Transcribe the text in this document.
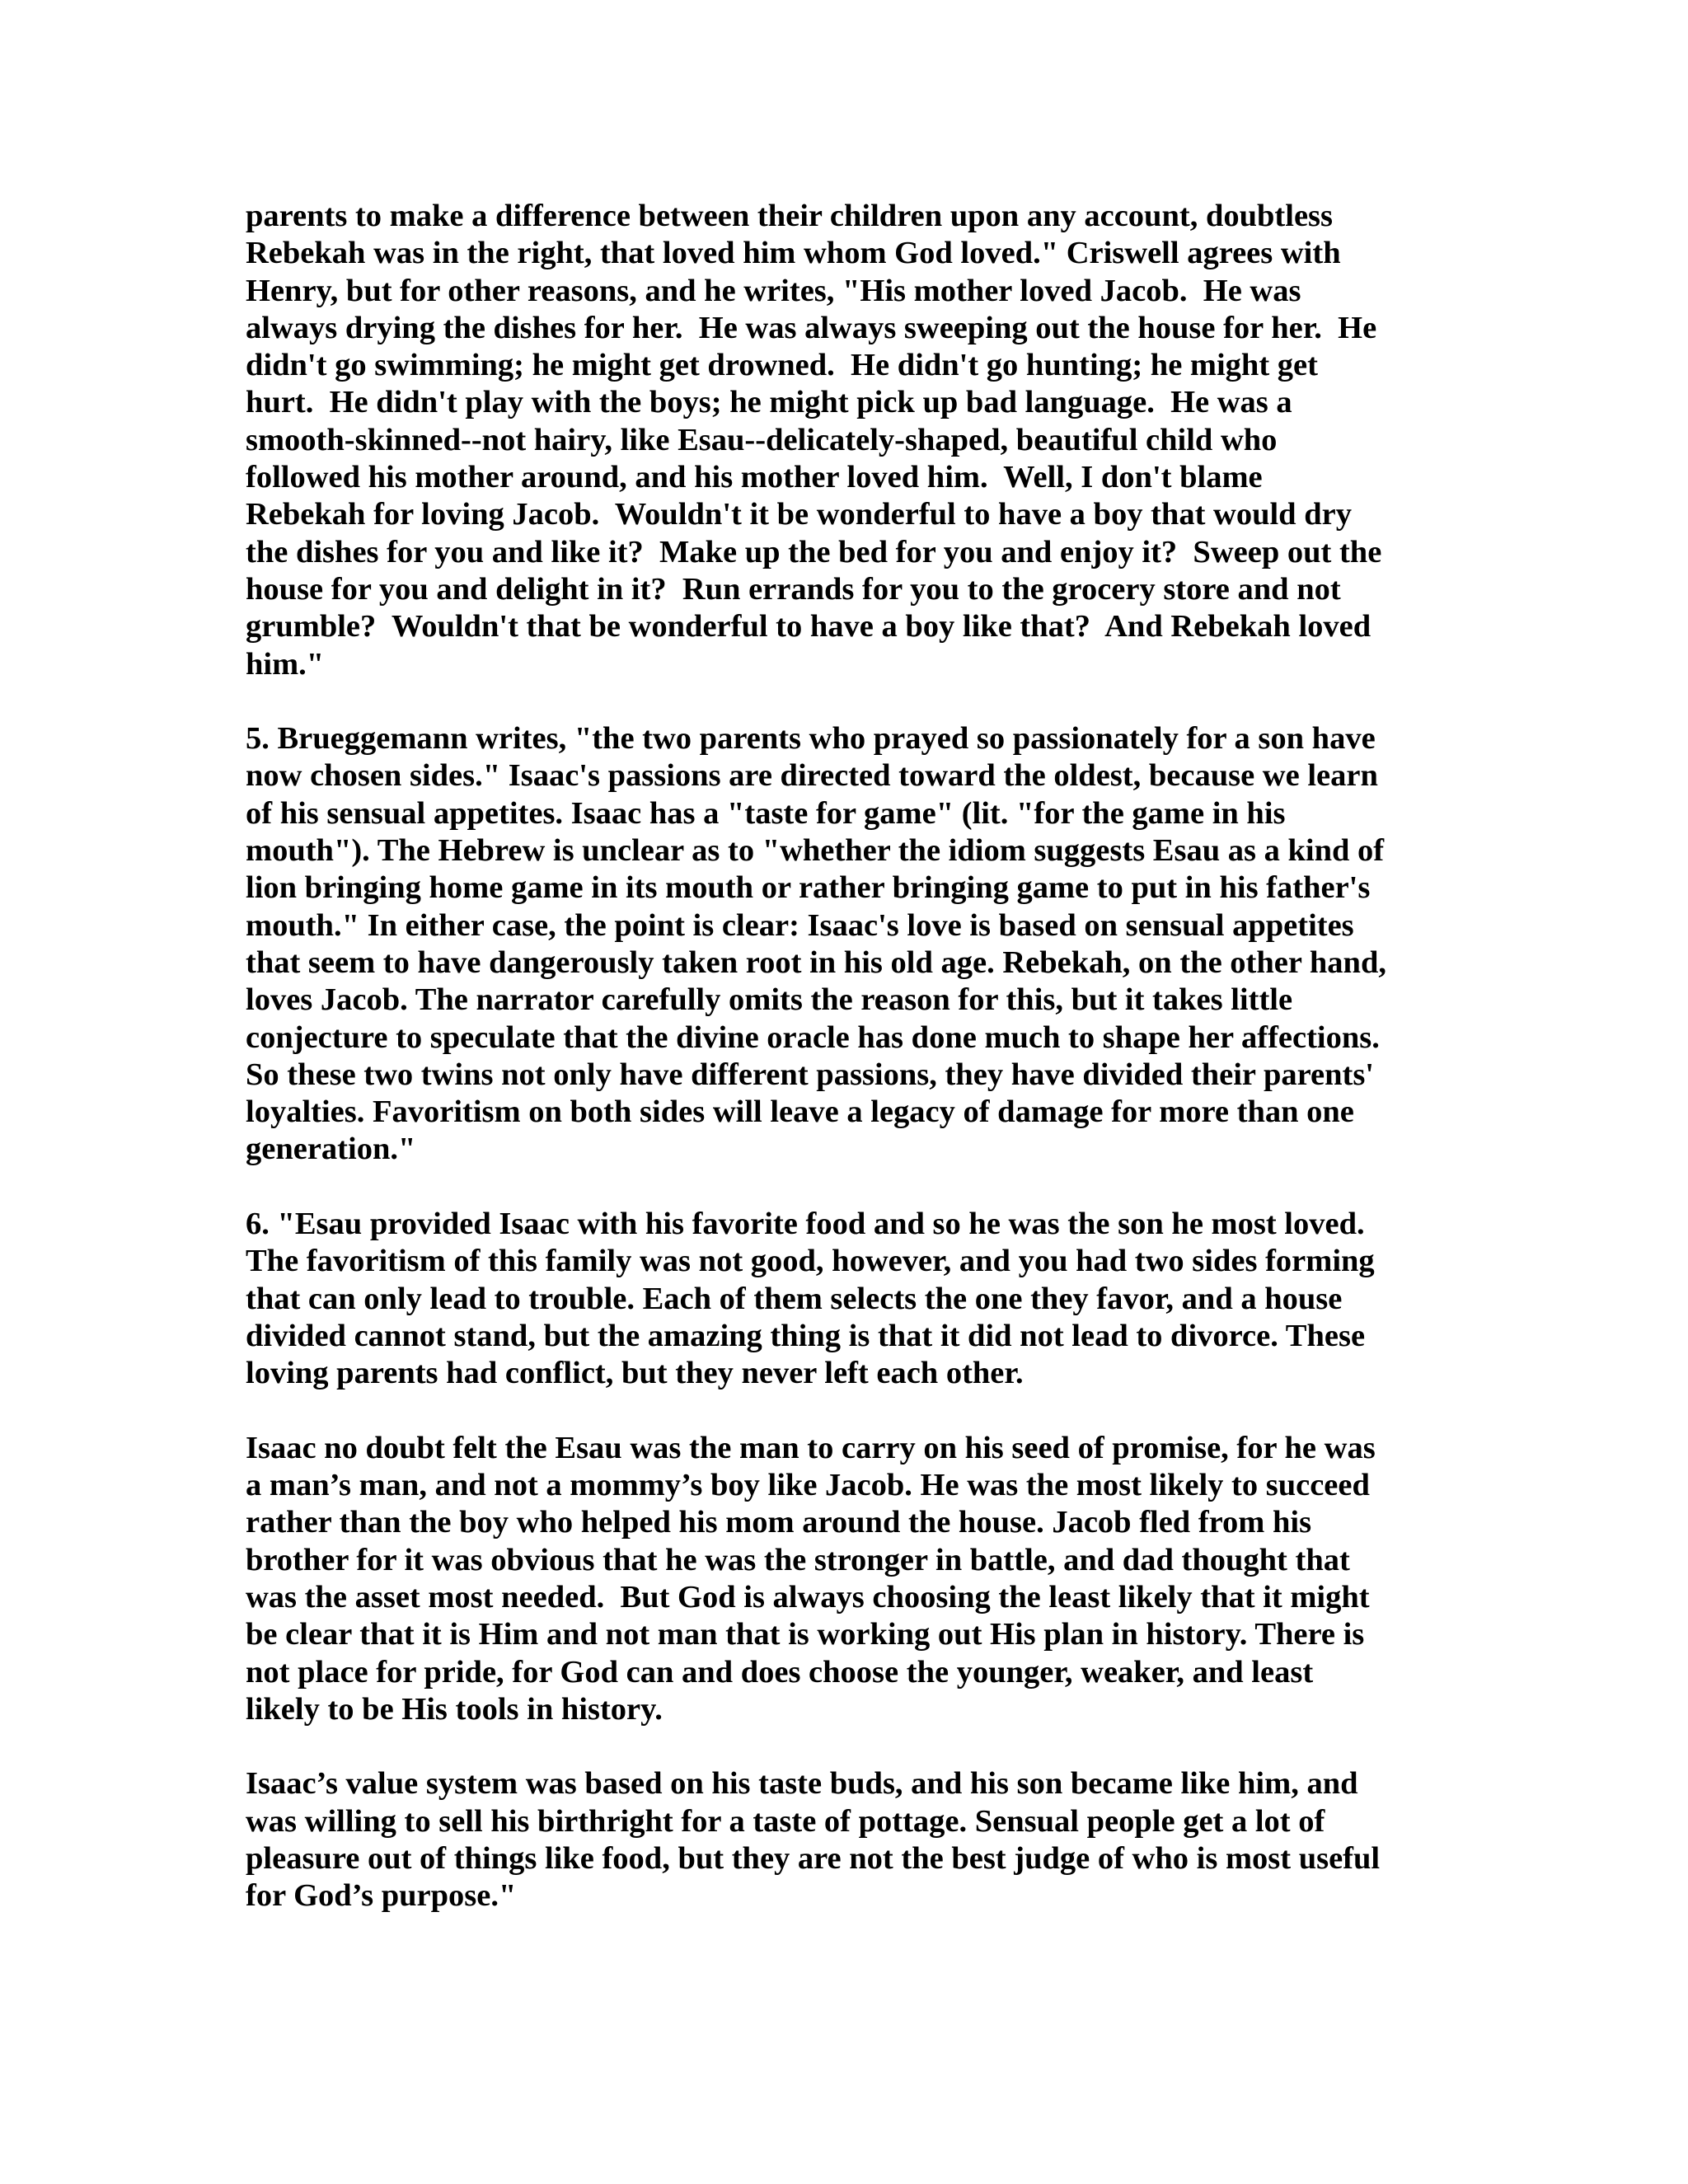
parents to make a difference between their children upon any account, doubtless
Rebekah was in the right, that loved him whom God loved." Criswell agrees with
Henry, but for other reasons, and he writes, "His mother loved Jacob.  He was
always drying the dishes for her.  He was always sweeping out the house for her.  He
didn't go swimming; he might get drowned.  He didn't go hunting; he might get
hurt.  He didn't play with the boys; he might pick up bad language.  He was a
smooth-skinned--not hairy, like Esau--delicately-shaped, beautiful child who
followed his mother around, and his mother loved him.  Well, I don't blame
Rebekah for loving Jacob.  Wouldn't it be wonderful to have a boy that would dry
the dishes for you and like it?  Make up the bed for you and enjoy it?  Sweep out the
house for you and delight in it?  Run errands for you to the grocery store and not
grumble?  Wouldn't that be wonderful to have a boy like that?  And Rebekah loved
him."

5. Brueggemann writes, "the two parents who prayed so passionately for a son have
now chosen sides." Isaac's passions are directed toward the oldest, because we learn
of his sensual appetites. Isaac has a "taste for game" (lit. "for the game in his
mouth"). The Hebrew is unclear as to "whether the idiom suggests Esau as a kind of
lion bringing home game in its mouth or rather bringing game to put in his father's
mouth." In either case, the point is clear: Isaac's love is based on sensual appetites
that seem to have dangerously taken root in his old age. Rebekah, on the other hand,
loves Jacob. The narrator carefully omits the reason for this, but it takes little
conjecture to speculate that the divine oracle has done much to shape her affections.
So these two twins not only have different passions, they have divided their parents'
loyalties. Favoritism on both sides will leave a legacy of damage for more than one
generation."

6. "Esau provided Isaac with his favorite food and so he was the son he most loved.
The favoritism of this family was not good, however, and you had two sides forming
that can only lead to trouble. Each of them selects the one they favor, and a house
divided cannot stand, but the amazing thing is that it did not lead to divorce. These
loving parents had conflict, but they never left each other.

Isaac no doubt felt the Esau was the man to carry on his seed of promise, for he was
a man’s man, and not a mommy’s boy like Jacob. He was the most likely to succeed
rather than the boy who helped his mom around the house. Jacob fled from his
brother for it was obvious that he was the stronger in battle, and dad thought that
was the asset most needed.  But God is always choosing the least likely that it might
be clear that it is Him and not man that is working out His plan in history. There is
not place for pride, for God can and does choose the younger, weaker, and least
likely to be His tools in history.

Isaac’s value system was based on his taste buds, and his son became like him, and
was willing to sell his birthright for a taste of pottage. Sensual people get a lot of
pleasure out of things like food, but they are not the best judge of who is most useful
for God’s purpose."
